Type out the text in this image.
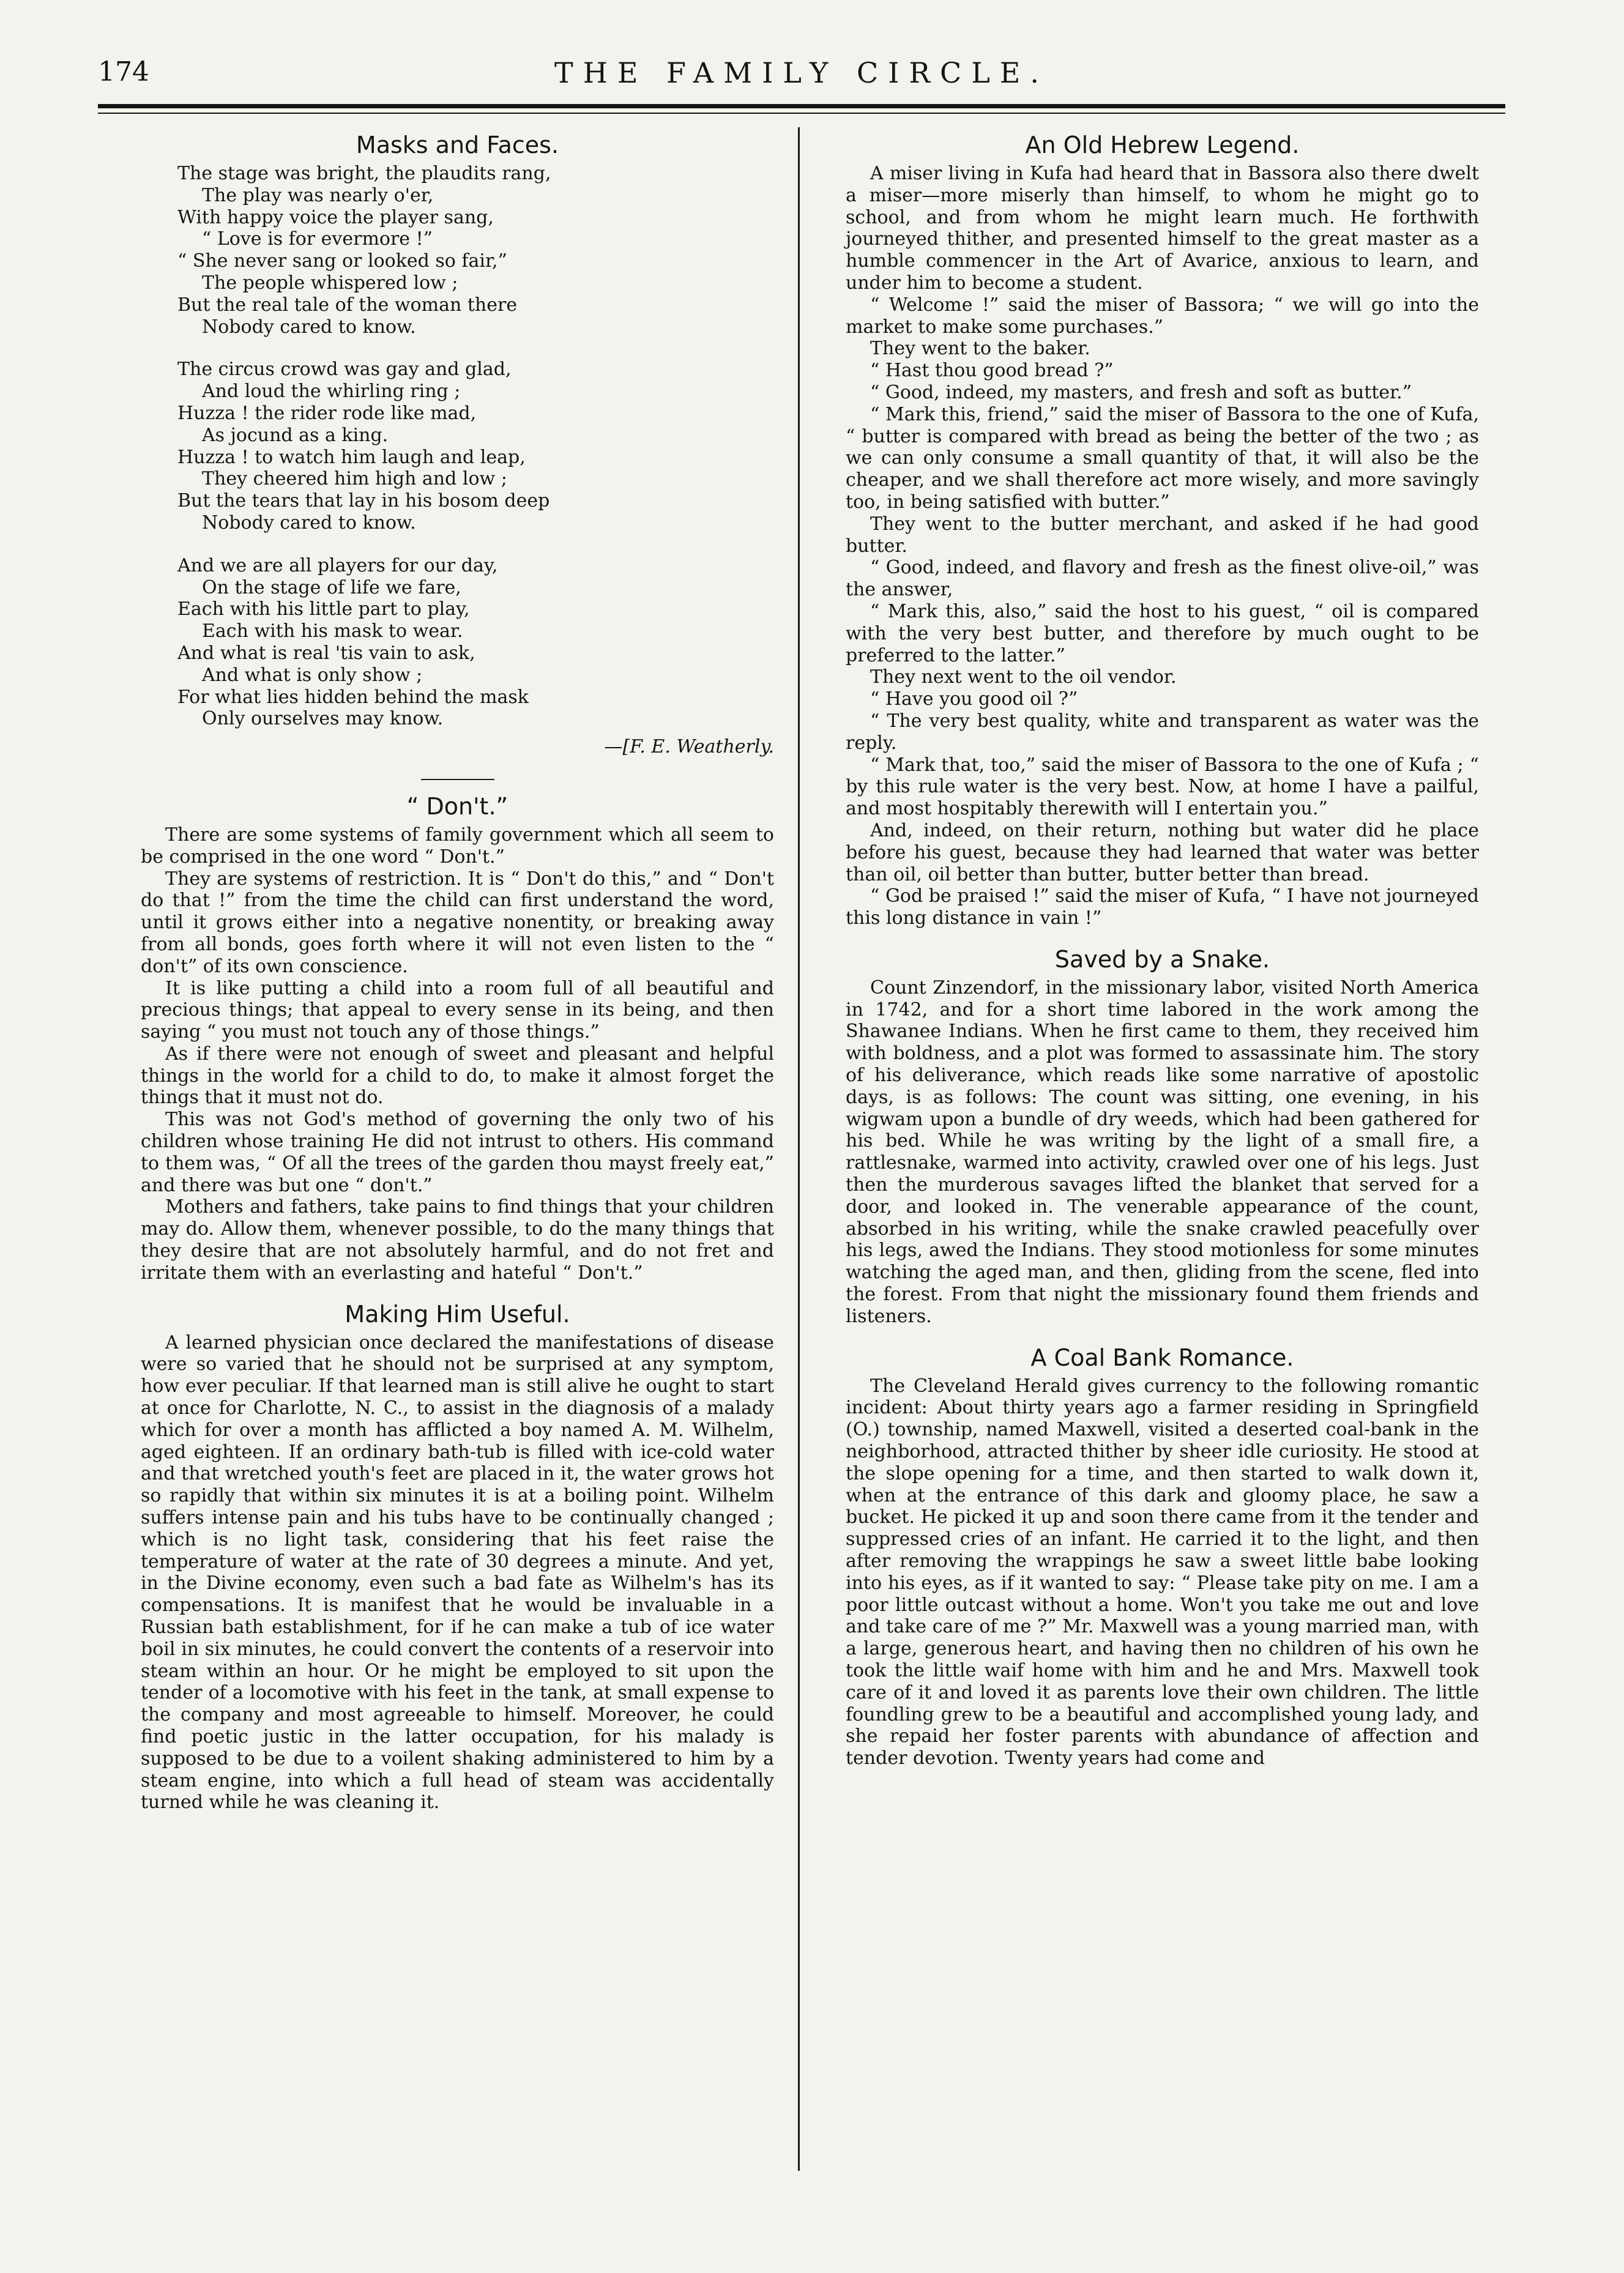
174	THE FAMILY CIRCLE.
Masks and Faces.
The stage was bright, the plaudits rang,
The play was nearly o'er,
With happy voice the player sang,
“ Love is for evermore !”
“ She never sang or looked so fair,”
The people whispered low ;
But the real tale of the woman there
Nobody cared to know.
The circus crowd was gay and glad,
And loud the whirling ring ;
Huzza ! the rider rode like mad,
As jocund as a king.
Huzza ! to watch him laugh and leap,
They cheered him high and low ;
But the tears that lay in his bosom deep
Nobody cared to know.
And we are all players for our day,
On the stage of life we fare,
Each with his little part to play,
Each with his mask to wear.
And what is real 'tis vain to ask,
And what is only show ;
For what lies hidden behind the mask
Only ourselves may know.
—[F. E. Weatherly.
“ Don't.”

There are some systems of family government which all seem to be comprised in the one word “ Don't.”

They are systems of restriction. It is “ Don't do this,” and “ Don't do that !” from the time the child can first understand the word, until it grows either into a negative nonentity, or breaking away from all bonds, goes forth where it will not even listen to the “ don't” of its own conscience.

It is like putting a child into a room full of all beautiful and precious things; that appeal to every sense in its being, and then saying “ you must not touch any of those things.”

As if there were not enough of sweet and pleasant and helpful things in the world for a child to do, to make it almost forget the things that it must not do.

This was not God's method of governing the only two of his children whose training He did not intrust to others. His command to them was, “ Of all the trees of the garden thou mayst freely eat,” and there was but one “ don't.”

Mothers and fathers, take pains to find things that your children may do. Allow them, whenever possible, to do the many things that they desire that are not absolutely harmful, and do not fret and irritate them with an everlasting and hateful “ Don't.”

Making Him Useful.

A learned physician once declared the manifestations of disease were so varied that he should not be surprised at any symptom, how ever peculiar. If that learned man is still alive he ought to start at once for Charlotte, N. C., to assist in the diagnosis of a malady which for over a month has afflicted a boy named A. M. Wilhelm, aged eighteen. If an ordinary bath-tub is filled with ice-cold water and that wretched youth's feet are placed in it, the water grows hot so rapidly that within six minutes it is at a boiling point. Wilhelm suffers intense pain and his tubs have to be continually changed ; which is no light task, considering that his feet raise the temperature of water at the rate of 30 degrees a minute. And yet, in the Divine economy, even such a bad fate as Wilhelm's has its compensations. It is manifest that he would be invaluable in a Russian bath establishment, for if he can make a tub of ice water boil in six minutes, he could convert the contents of a reservoir into steam within an hour. Or he might be employed to sit upon the tender of a locomotive with his feet in the tank, at small expense to the company and most agreeable to himself. Moreover, he could find poetic justic in the latter occupation, for his malady is supposed to be due to a voilent shaking administered to him by a steam engine, into which a full head of steam was accidentally turned while he was cleaning it.

An Old Hebrew Legend.

A miser living in Kufa had heard that in Bassora also there dwelt a miser—more miserly than himself, to whom he might go to school, and from whom he might learn much. He forthwith journeyed thither, and presented himself to the great master as a humble commencer in the Art of Avarice, anxious to learn, and under him to become a student.

“ Welcome !” said the miser of Bassora; “ we will go into the market to make some purchases.”

They went to the baker.

“ Hast thou good bread ?”

“ Good, indeed, my masters, and fresh and soft as butter.”

“ Mark this, friend,” said the miser of Bassora to the one of Kufa, “ butter is compared with bread as being the better of the two ; as we can only consume a small quantity of that, it will also be the cheaper, and we shall therefore act more wisely, and more savingly too, in being satisfied with butter.”

They went to the butter merchant, and asked if he had good butter.

“ Good, indeed, and flavory and fresh as the finest olive-oil,” was the answer,

“ Mark this, also,” said the host to his guest, “ oil is compared with the very best butter, and therefore by much ought to be preferred to the latter.”

They next went to the oil vendor.

“ Have you good oil ?”

“ The very best quality, white and transparent as water was the reply.

“ Mark that, too,” said the miser of Bassora to the one of Kufa ; “ by this rule water is the very best. Now, at home I have a pailful, and most hospitably therewith will I entertain you.”

And, indeed, on their return, nothing but water did he place before his guest, because they had learned that water was better than oil, oil better than butter, butter better than bread.

“ God be praised !” said the miser of Kufa, “ I have not journeyed this long distance in vain !”

Saved by a Snake.

Count Zinzendorf, in the missionary labor, visited North America in 1742, and for a short time labored in the work among the Shawanee Indians. When he first came to them, they received him with boldness, and a plot was formed to assassinate him. The story of his deliverance, which reads like some narrative of apostolic days, is as follows: The count was sitting, one evening, in his wigwam upon a bundle of dry weeds, which had been gathered for his bed. While he was writing by the light of a small fire, a rattlesnake, warmed into activity, crawled over one of his legs. Just then the murderous savages lifted the blanket that served for a door, and looked in. The venerable appearance of the count, absorbed in his writing, while the snake crawled peacefully over his legs, awed the Indians. They stood motionless for some minutes watching the aged man, and then, gliding from the scene, fled into the forest. From that night the missionary found them friends and listeners.

A Coal Bank Romance.

The Cleveland Herald gives currency to the following romantic incident: About thirty years ago a farmer residing in Springfield (O.) township, named Maxwell, visited a deserted coal-bank in the neighborhood, attracted thither by sheer idle curiosity. He stood at the slope opening for a time, and then started to walk down it, when at the entrance of this dark and gloomy place, he saw a bucket. He picked it up and soon there came from it the tender and suppressed cries of an infant. He carried it to the light, and then after removing the wrappings he saw a sweet little babe looking into his eyes, as if it wanted to say: “ Please take pity on me. I am a poor little outcast without a home. Won't you take me out and love and take care of me ?” Mr. Maxwell was a young married man, with a large, generous heart, and having then no children of his own he took the little waif home with him and he and Mrs. Maxwell took care of it and loved it as parents love their own children. The little foundling grew to be a beautiful and accomplished young lady, and she repaid her foster parents with abundance of affection and tender devotion. Twenty years had come and
